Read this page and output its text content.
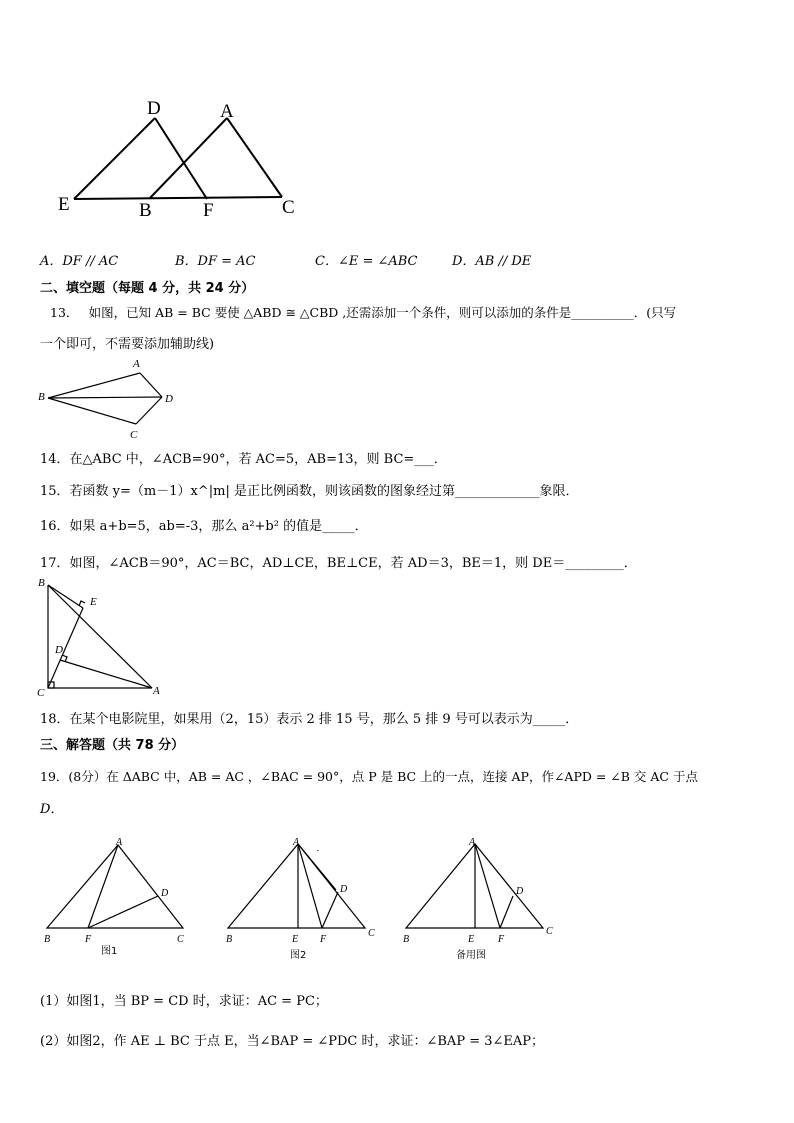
D	A
E	B	F	C
A．DF // AC	B．DF = AC	C．∠E = ∠ABC	D．AB // DE
二、填空题（每题 4 分，共 24 分）
13．　 如图，已知 AB = BC 要使 △ABD ≅ △CBD ,还需添加一个条件，则可以添加的条件是__________．(只写
一个即可，不需要添加辅助线)
A
B	D
C
14．在△ABC 中，∠ACB=90°，若 AC=5，AB=13，则 BC=___．
15．若函数 y=（m－1）x^|m| 是正比例函数，则该函数的图象经过第_____________象限．
16．如果 a+b=5，ab=-3，那么 a²+b² 的值是_____．
17．如图，∠ACB＝90°，AC＝BC，AD⊥CE，BE⊥CE，若 AD＝3，BE＝1，则 DE＝_________．
B
E
D
C	A
18．在某个电影院里，如果用（2，15）表示 2 排 15 号，那么 5 排 9 号可以表示为_____．
三、解答题（共 78 分）
19．(8分）在 ΔABC 中，AB = AC ，∠BAC = 90°，点 P 是 BC 上的一点，连接 AP，作∠APD = ∠B 交 AC 于点
D．
A
D
B	F	C
图1
A
D
B	E F
C
图2
A
D
B	E F
C
备用图
(1）如图1，当 BP = CD 时，求证：AC = PC；
(2）如图2，作 AE ⊥ BC 于点 E，当∠BAP = ∠PDC 时，求证：∠BAP = 3∠EAP；
